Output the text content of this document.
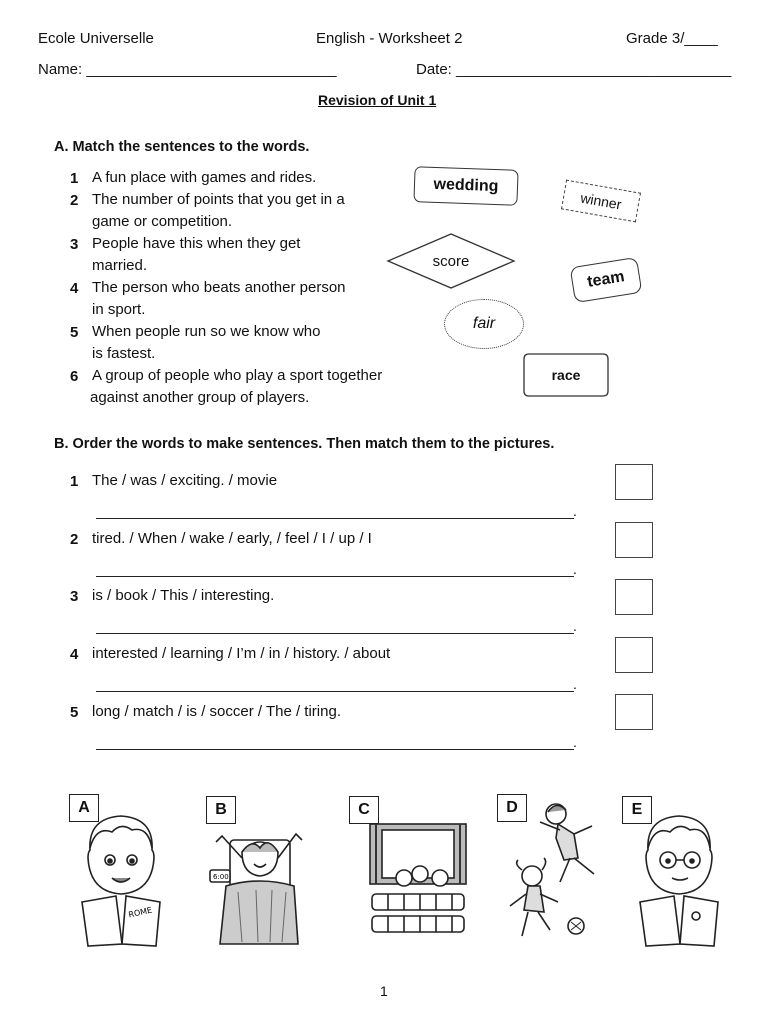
Ecole Universelle	English - Worksheet 2	Grade 3/____
Name: ______________________________	Date: _________________________________
Revision of Unit 1
A. Match the sentences to the words.
1 A fun place with games and rides.
2 The number of points that you get in a
game or competition.
3 People have this when they get
married.
4 The person who beats another person
in sport.
5 When people run so we know who
is fastest.
6 A group of people who play a sport together
against another group of players.
wedding
winner
score
team
fair
race
B. Order the words to make sentences. Then match them to the pictures.
1 The / was / exciting. / movie
.
2 tired. / When / wake / early, / feel / I / up / I
.
3 is / book / This / interesting.
.
4 interested / learning / I’m / in / history. / about
.
5 long / match / is / soccer / The / tiring.
.
ROME
6:00
A	B	C	D	E
1
